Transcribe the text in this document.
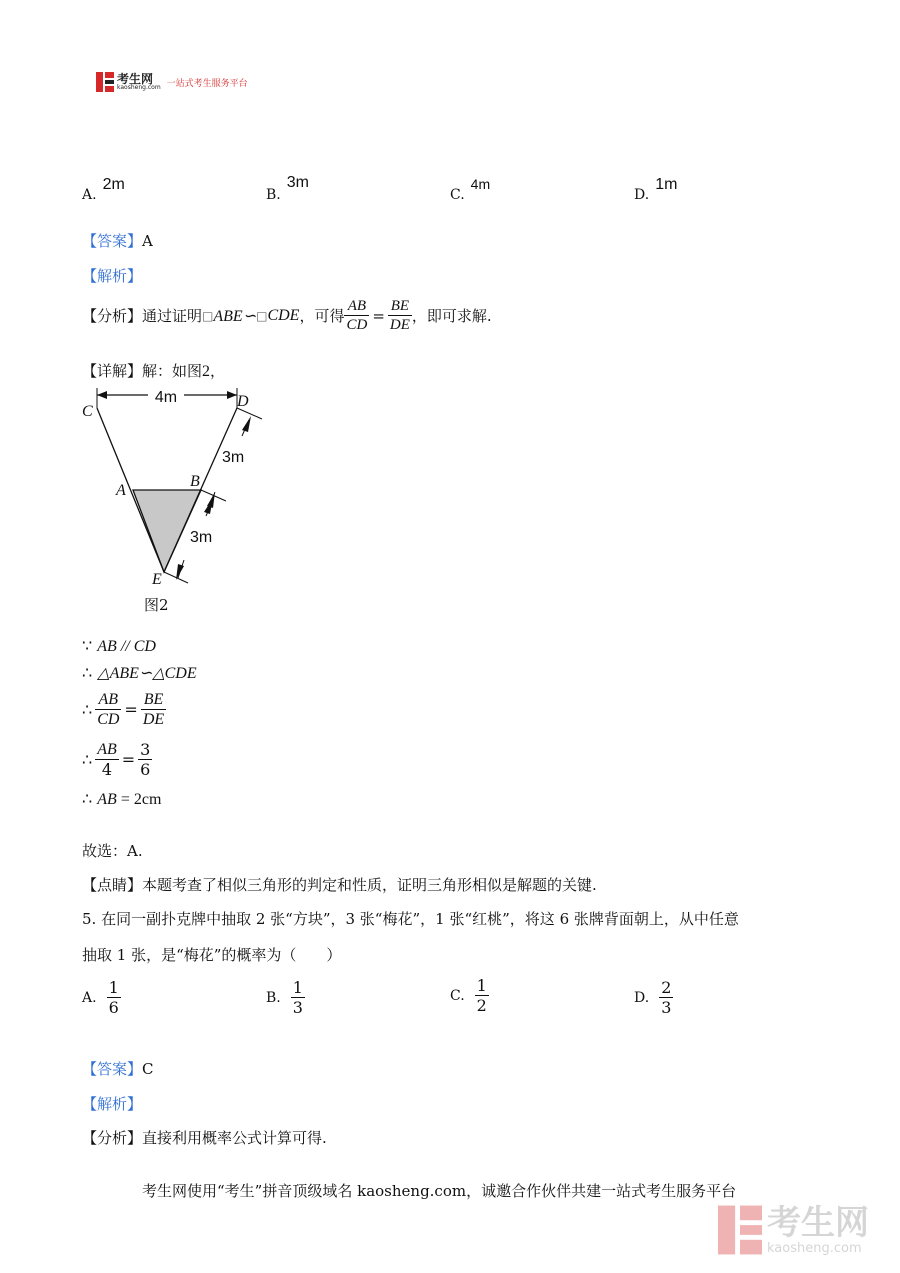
考生网
kaosheng.com 一站式考生服务平台
A.2m
B.3m
C.4m
D.1m
【答案】A
【解析】
【分析】 通过证明 □ ABE∽ □ CDE ，可得 $\frac{AB}{CD} = \frac{BE}{DE}$ ，即可求解.
【详解】解：如图2，
4m
3m
3m
C
D
A
B
E
图2
∵ AB // CD
∴ △ABE∽△CDE
∴ $\frac{AB}{CD} = \frac{BE}{DE}$
∴ $\frac{AB}{4} = \frac{3}{6}$
∴ AB = 2cm
故选：A.
【点睛】本题考查了相似三角形的判定和性质，证明三角形相似是解题的关键.
5. 在同一副扑克牌中抽取 2 张“方块”，3 张“梅花”，1 张“红桃”，将这 6 张牌背面朝上，从中任意
抽取 1 张，是“梅花”的概率为（　　）
A. $\frac{1}{6}$	B. $\frac{1}{3}$	C. $\frac{1}{2}$	D. $\frac{2}{3}$
【答案】C
【解析】
【分析】直接利用概率公式计算可得.
考生网使用“考生”拼音顶级域名 kaosheng.com，诚邀合作伙伴共建一站式考生服务平台
考生网
kaosheng.com
